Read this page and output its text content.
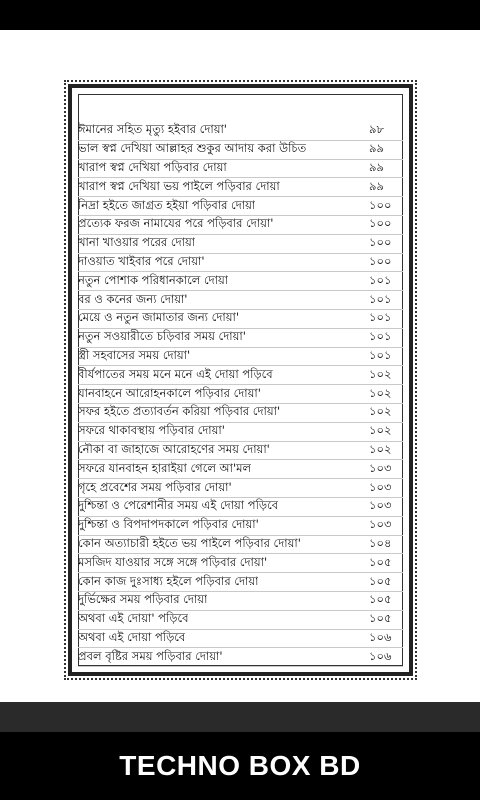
ঈমানের সহিত মৃত্যু হইবার দোয়া'	৯৮
ভাল স্বপ্ন দেখিয়া আল্লাহর শুকুর আদায় করা উচিত	৯৯
খারাপ স্বপ্ন দেখিয়া পড়িবার দোয়া	৯৯
খারাপ স্বপ্ন দেখিয়া ভয় পাইলে পড়িবার দোয়া	৯৯
নিদ্রা হইতে জাগ্রত হইয়া পড়িবার দোয়া	১০০
প্রত্যেক ফরজ নামাযের পরে পড়িবার দোয়া'	১০০
খানা খাওয়ার পরের দোয়া	১০০
দাওয়াত খাইবার পরে দোয়া'	১০০
নতুন পোশাক পরিধানকালে দোয়া	১০১
বর ও কনের জন্য দোয়া'	১০১
মেয়ে ও নতুন জামাতার জন্য দোয়া'	১০১
নতুন সওয়ারীতে চড়িবার সময় দোয়া'	১০১
স্ত্রী সহবাসের সময় দোয়া'	১০১
বীর্যপাতের সময় মনে মনে এই দোয়া পড়িবে	১০২
যানবাহনে আরোহনকালে পড়িবার দোয়া'	১০২
সফর হইতে প্রত্যাবর্তন করিয়া পড়িবার দোয়া'	১০২
সফরে থাকাবস্থায় পড়িবার দোয়া'	১০২
নৌকা বা জাহাজে আরোহণের সময় দোয়া'	১০২
সফরে যানবাহন হারাইয়া গেলে আ'মল	১০৩
গৃহে প্রবেশের সময় পড়িবার দোয়া'	১০৩
দুশ্চিন্তা ও পেরেশানীর সময় এই দোয়া পড়িবে	১০৩
দুশ্চিন্তা ও বিপদাপদকালে পড়িবার দোয়া'	১০৩
কোন অত্যাচারী হইতে ভয় পাইলে পড়িবার দোয়া'	১০৪
মসজিদ যাওয়ার সঙ্গে সঙ্গে পড়িবার দোয়া'	১০৫
কোন কাজ দুঃসাধ্য হইলে পড়িবার দোয়া	১০৫
দুর্ভিক্ষের সময় পড়িবার দোয়া	১০৫
অথবা এই দোয়া' পড়িবে	১০৫
অথবা এই দোয়া পড়িবে	১০৬
প্রবল বৃষ্টির সময় পড়িবার দোয়া'	১০৬
TECHNO BOX BD
